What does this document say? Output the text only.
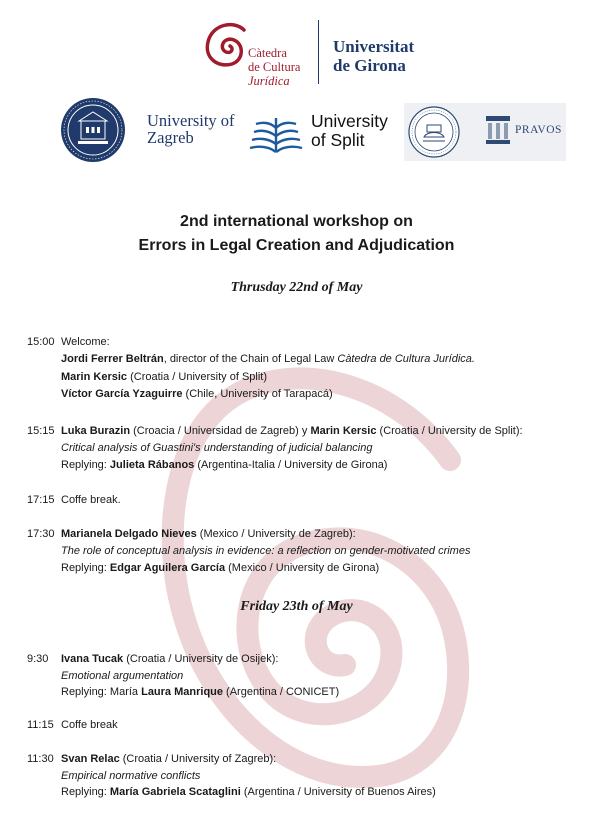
Càtedra
de Cultura
Jurídica
Universitat
de Girona
University of
Zagreb
University
of Split	PRAVOS
2nd international workshop on
Errors in Legal Creation and Adjudication
Thrusday 22nd of May
15:00 Welcome:
Jordi Ferrer Beltrán, director of the Chain of Legal Law Càtedra de Cultura Jurídica.
Marin Kersic (Croatia / University of Split)
Víctor García Yzaguirre (Chile, University of Tarapacá)
15:15 Luka Burazin (Croacia / Universidad de Zagreb) y Marin Kersic (Croatia / University de Split):
Critical analysis of Guastini's understanding of judicial balancing
Replying: Julieta Rábanos (Argentina-Italia / University de Girona)
17:15 Coffe break.
17:30 Marianela Delgado Nieves (Mexico / University de Zagreb):
The role of conceptual analysis in evidence: a reflection on gender-motivated crimes
Replying: Edgar Aguilera García (Mexico / University de Girona)
Friday 23th of May
9:30 Ivana Tucak (Croatia / University de Osijek):
Emotional argumentation
Replying: María Laura Manrique (Argentina / CONICET)
11:15 Coffe break
11:30 Svan Relac (Croatia / University of Zagreb):
Empirical normative conflicts
Replying: María Gabriela Scataglini (Argentina / University of Buenos Aires)
